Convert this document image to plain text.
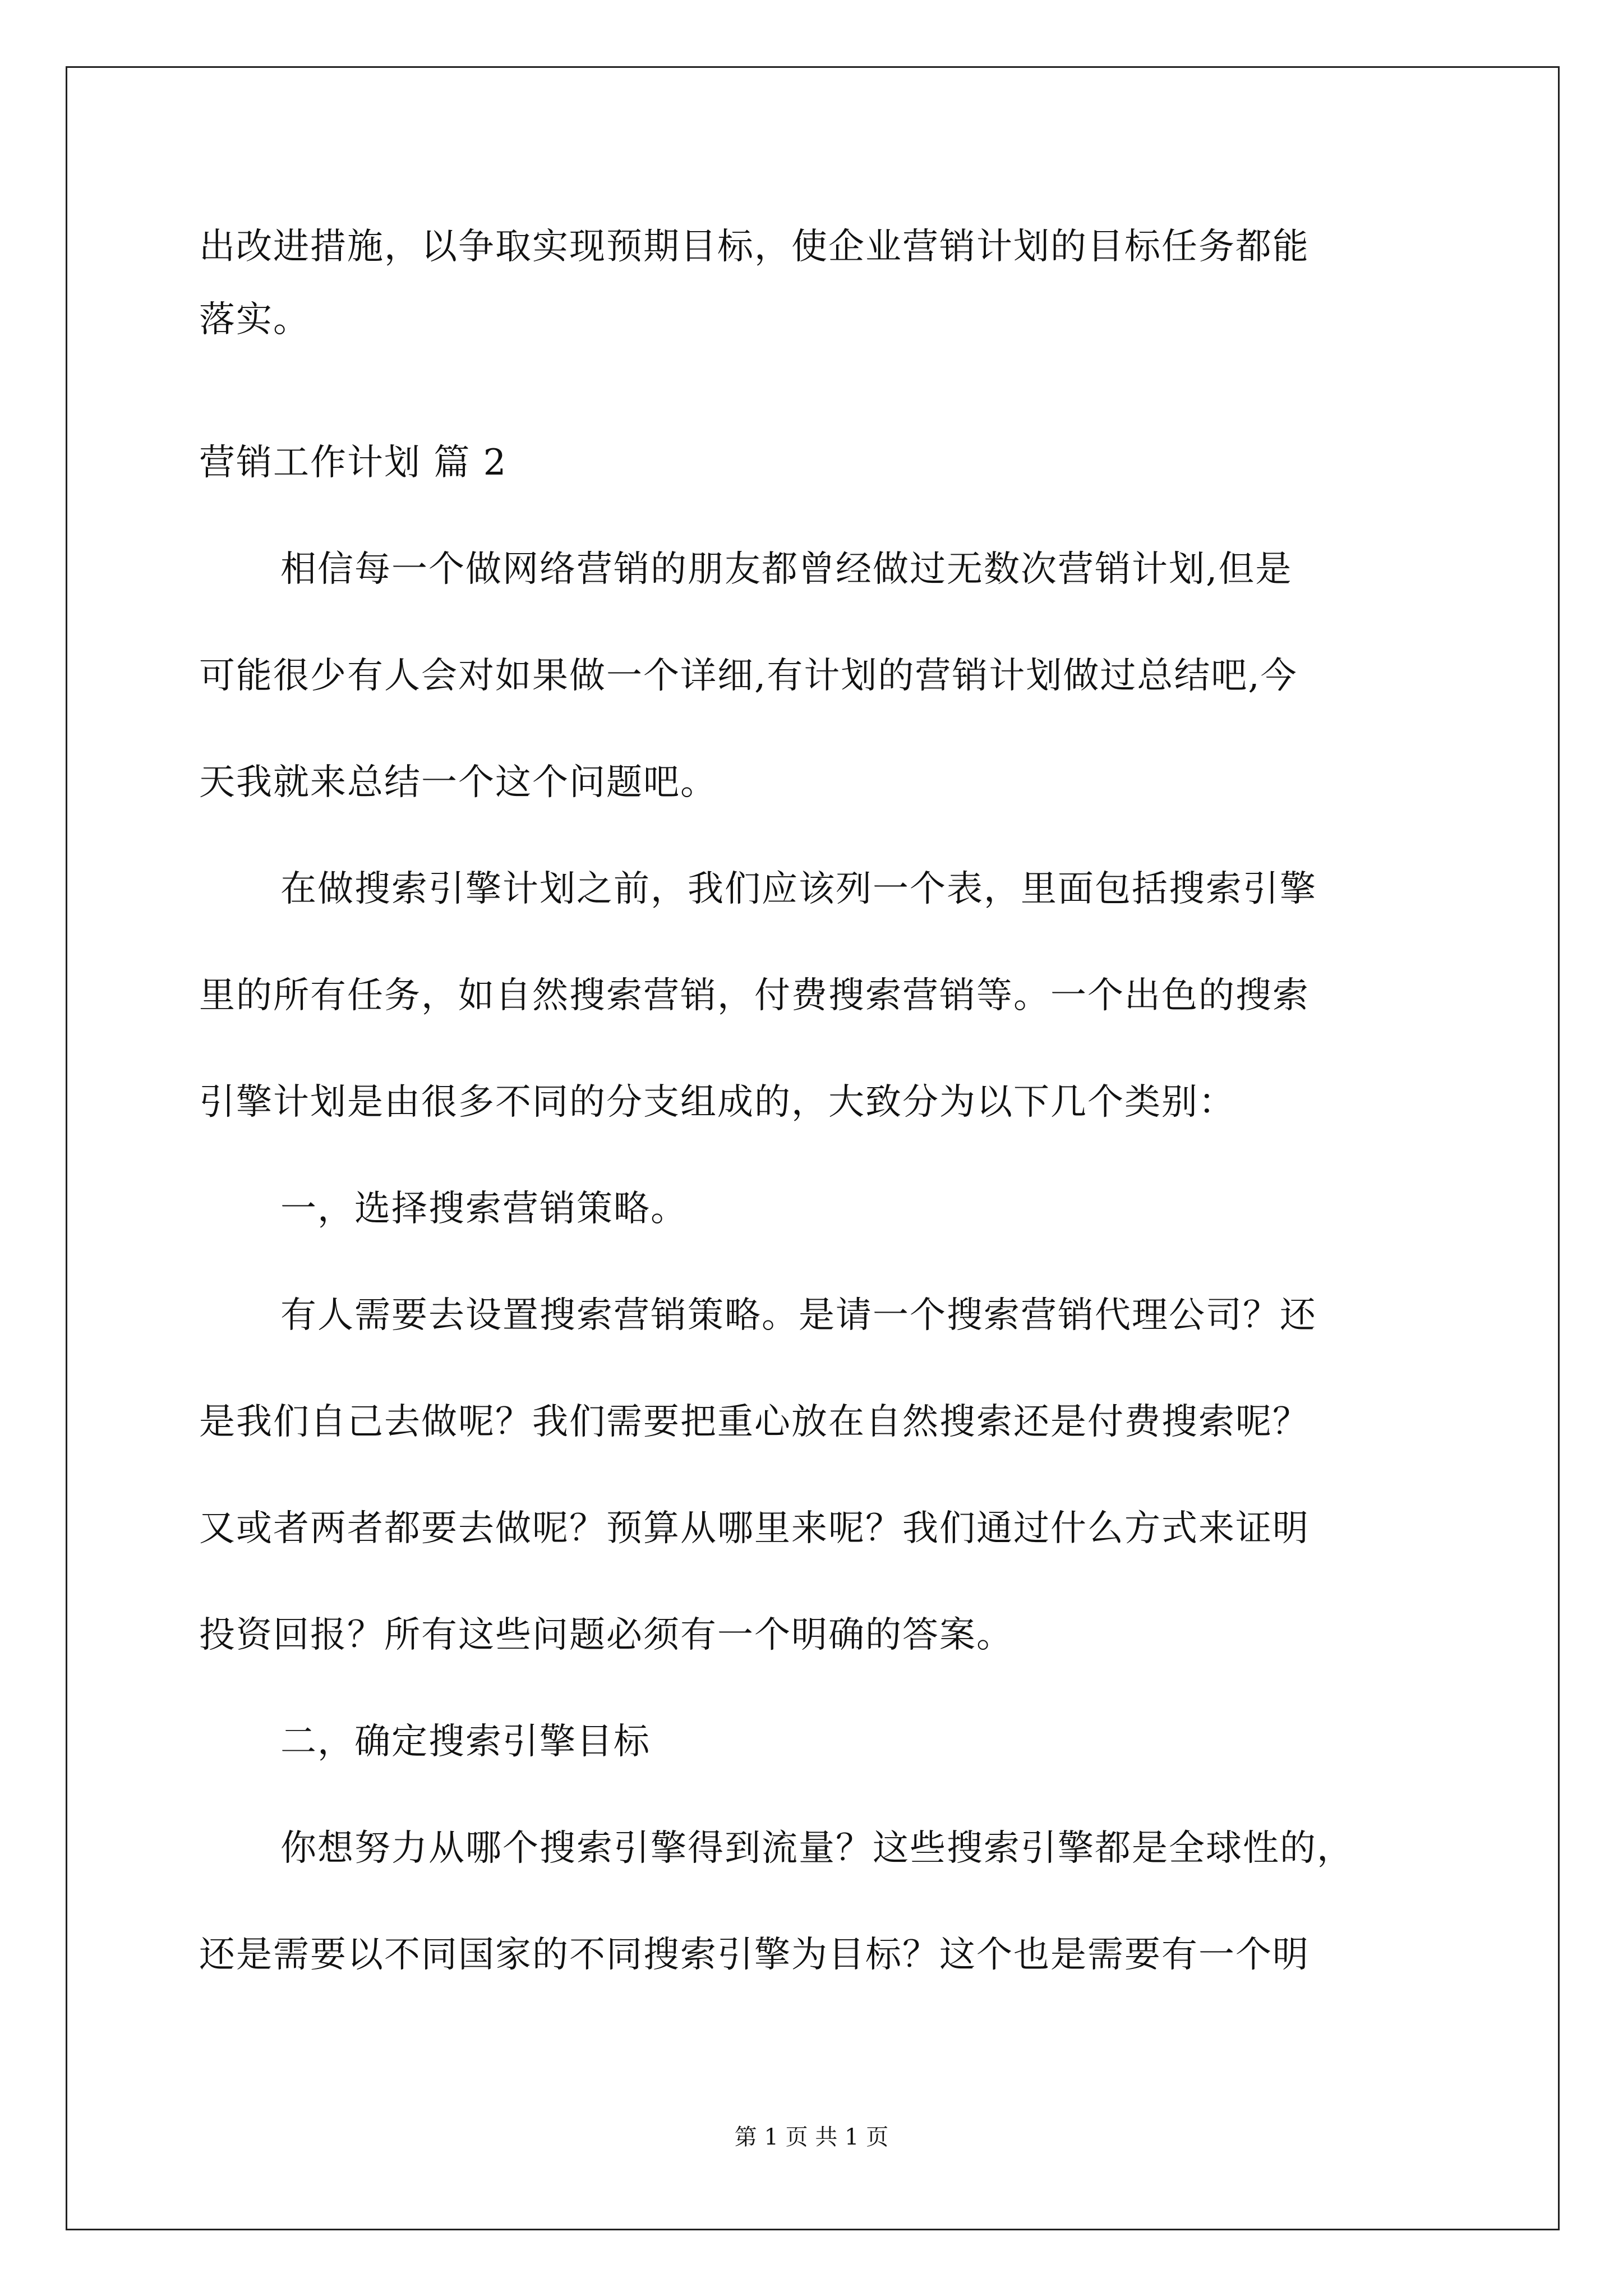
出改进措施，以争取实现预期目标，使企业营销计划的目标任务都能
落实。
营销工作计划 篇 2
相信每一个做网络营销的朋友都曾经做过无数次营销计划,但是
可能很少有人会对如果做一个详细,有计划的营销计划做过总结吧,今
天我就来总结一个这个问题吧。
在做搜索引擎计划之前，我们应该列一个表，里面包括搜索引擎
里的所有任务，如自然搜索营销，付费搜索营销等。一个出色的搜索
引擎计划是由很多不同的分支组成的，大致分为以下几个类别：
一，选择搜索营销策略。
有人需要去设置搜索营销策略。是请一个搜索营销代理公司？还
是我们自己去做呢？我们需要把重心放在自然搜索还是付费搜索呢？
又或者两者都要去做呢？预算从哪里来呢？我们通过什么方式来证明
投资回报？所有这些问题必须有一个明确的答案。
二，确定搜索引擎目标
你想努力从哪个搜索引擎得到流量？这些搜索引擎都是全球性的，
还是需要以不同国家的不同搜索引擎为目标？这个也是需要有一个明
第 1 页 共 1 页
